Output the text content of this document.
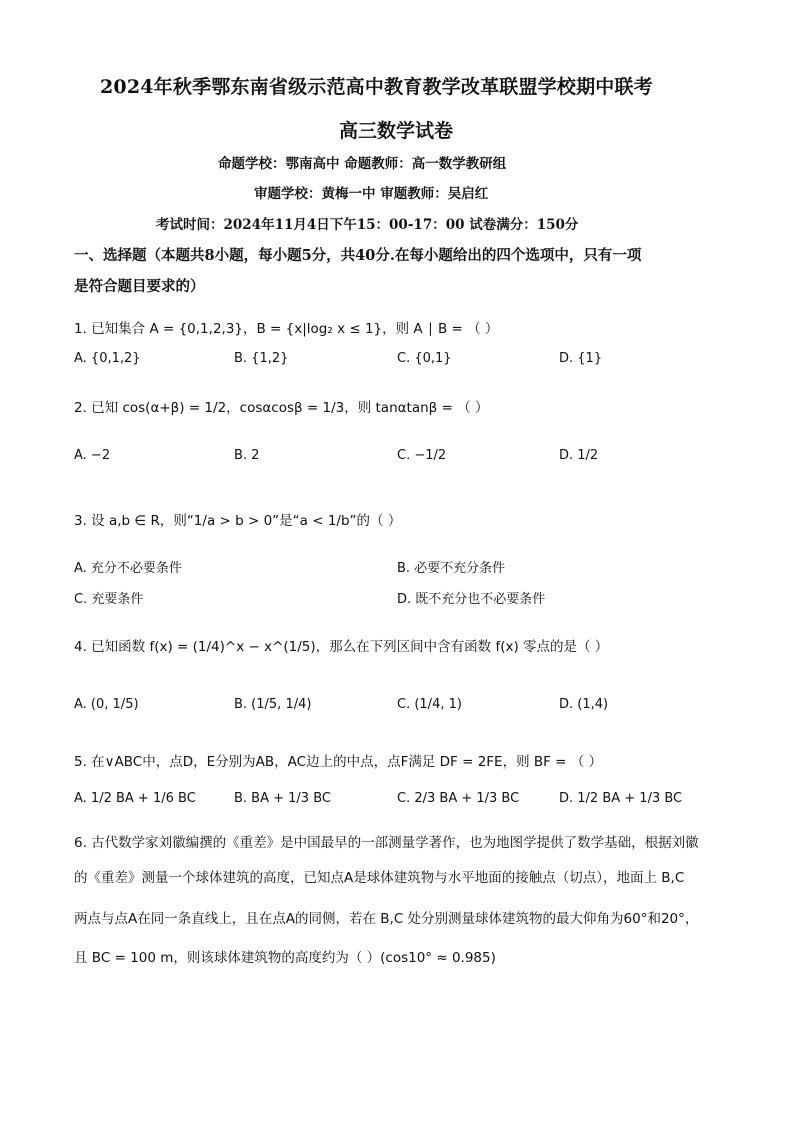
2024年秋季鄂东南省级示范高中教育教学改革联盟学校期中联考
高三数学试卷
命题学校：鄂南高中 命题教师：高一数学教研组
审题学校：黄梅一中 审题教师：吴启红
考试时间：2024年11月4日下午15：00-17：00 试卷满分：150分
一、选择题（本题共8小题，每小题5分，共40分.在每小题给出的四个选项中，只有一项
是符合题目要求的）
1. 已知集合 A = {0,1,2,3}，B = {x|log₂ x ≤ 1}，则 A ∣ B = （ ）
A. {0,1,2}	B. {1,2}	C. {0,1}	D. {1}
2. 已知 cos(α+β) = 1/2，cosαcosβ = 1/3，则 tanαtanβ = （ ）
A. −2	B. 2	C. −1/2	D. 1/2
3. 设 a,b ∈ R，则“1/a > b > 0”是“a < 1/b”的（ ）
A. 充分不必要条件	B. 必要不充分条件
C. 充要条件	D. 既不充分也不必要条件
4. 已知函数 f(x) = (1/4)^x − x^(1/5)，那么在下列区间中含有函数 f(x) 零点的是（ ）
A. (0, 1/5)	B. (1/5, 1/4)	C. (1/4, 1)	D. (1,4)
5. 在∨ABC中，点D，E分别为AB，AC边上的中点，点F满足 DF = 2FE，则 BF = （ ）
A. 1/2 BA + 1/6 BC	B. BA + 1/3 BC	C. 2/3 BA + 1/3 BC	D. 1/2 BA + 1/3 BC
6. 古代数学家刘徽编撰的《重差》是中国最早的一部测量学著作，也为地图学提供了数学基础，根据刘徽
的《重差》测量一个球体建筑的高度，已知点A是球体建筑物与水平地面的接触点（切点），地面上 B,C
两点与点A在同一条直线上，且在点A的同侧，若在 B,C 处分别测量球体建筑物的最大仰角为60°和20°，
且 BC = 100 m，则该球体建筑物的高度约为（ ）(cos10° ≈ 0.985)
